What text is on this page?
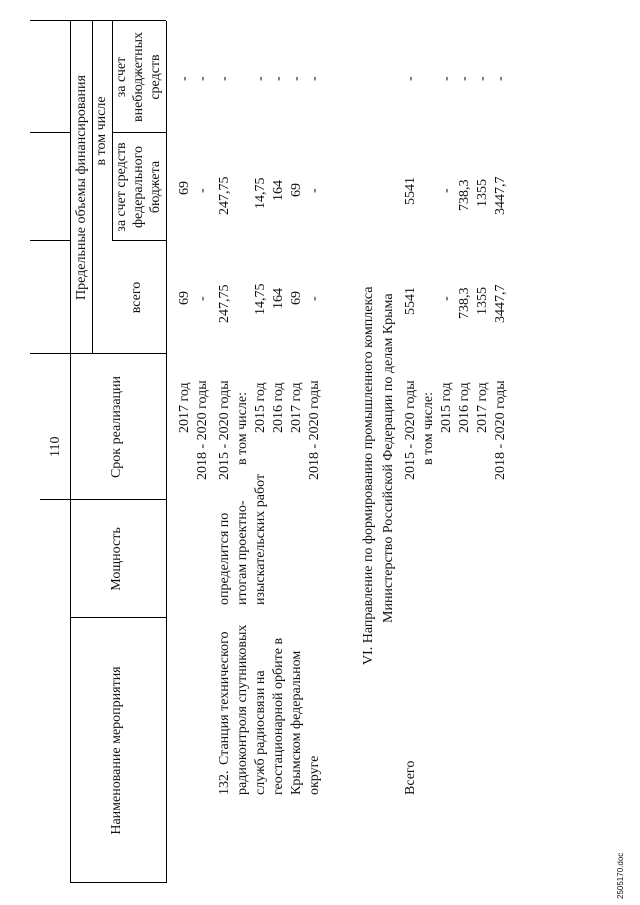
110
Наименование мероприятия
Мощность
Срок реализации
Предельные объемы финансирования	всего
в том числе
за счет средств федерального бюджета
за счет внебюджетных средств
2017 год
69
69
-
2018 - 2020 годы
-
-
-
132.
Станция технического радиоконтроля спутниковых служб радиосвязи на геостационарной орбите в Крымском федеральном округе
определится по итогам проектно- изыскательских работ
2015 - 2020 годы
247,75
247,75
-
в том числе: 2015 год
14,75
14,75
-
2016 год
164
164
-
2017 год
69
69
-
2018 - 2020 годы
-
-
-
VI. Направление по формированию промышленного комплекса Министерство Российской Федерации по делам Крыма
Всего
2015 - 2020 годы
5541
5541
-
в том числе: 2015 год
-
-
-
2016 год
738,3
738,3
-
2017 год
1355
1355
-
2018 - 2020 годы
3447,7
3447,7
-
2505170.doc
